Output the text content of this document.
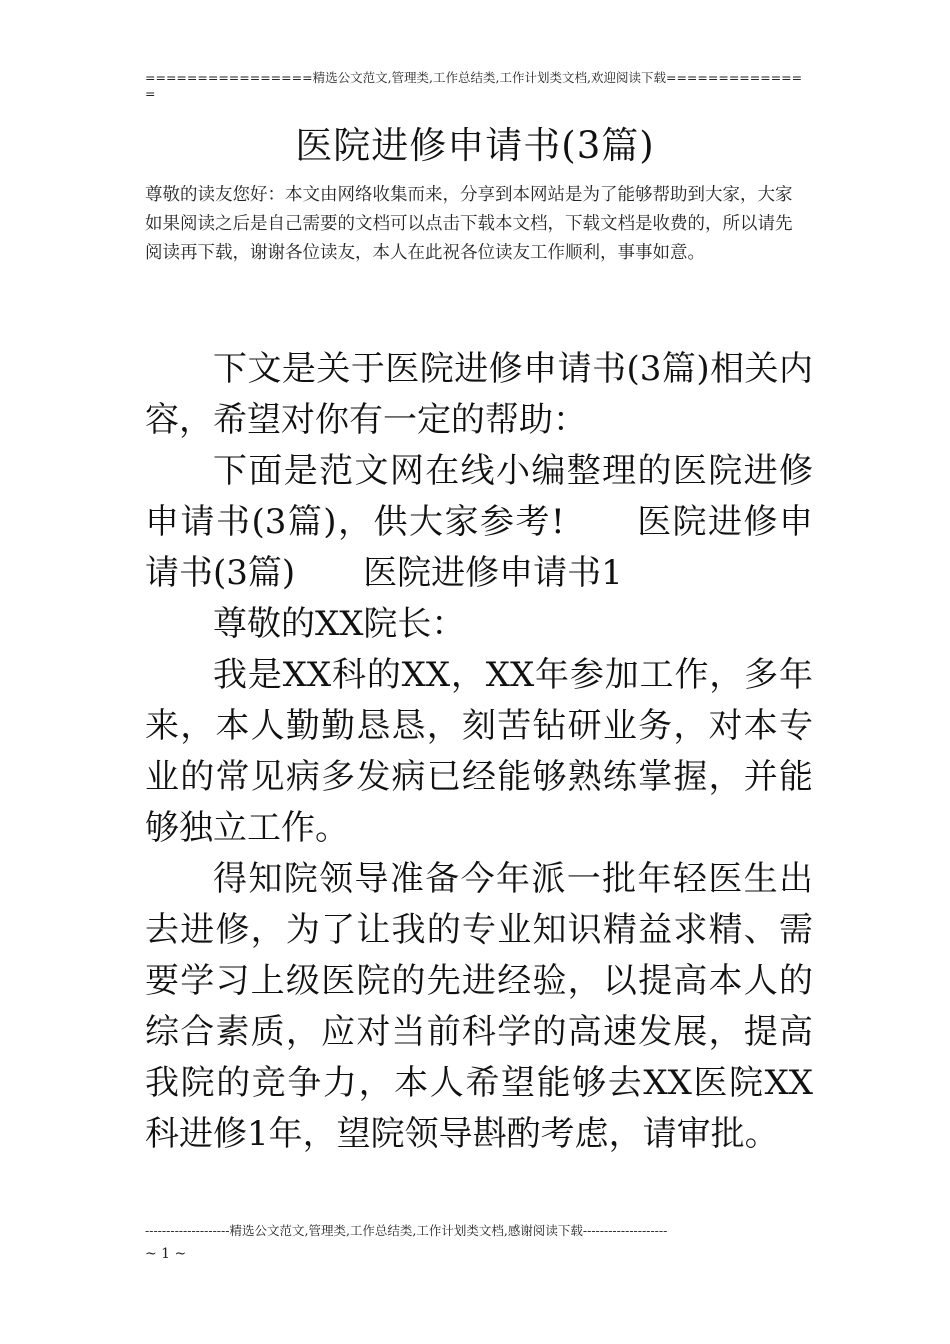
================精选公文范文,管理类,工作总结类,工作计划类文档,欢迎阅读下载=============
=
医院进修申请书(3篇)
尊敬的读友您好：本文由网络收集而来，分享到本网站是为了能够帮助到大家，大家如果阅读之后是自己需要的文档可以点击下载本文档，下载文档是收费的，所以请先阅读再下载，谢谢各位读友，本人在此祝各位读友工作顺利，事事如意。

下文是关于医院进修申请书(3篇)相关内容，希望对你有一定的帮助：

下面是范文网在线小编整理的医院进修申请书(3篇)，供大家参考!　　医院进修申请书(3篇)　　医院进修申请书1

尊敬的XX院长：

我是XX科的XX，XX年参加工作，多年来，本人勤勤恳恳，刻苦钻研业务，对本专业的常见病多发病已经能够熟练掌握，并能够独立工作。

得知院领导准备今年派一批年轻医生出去进修，为了让我的专业知识精益求精、需要学习上级医院的先进经验，以提高本人的综合素质，应对当前科学的高速发展，提高我院的竞争力，本人希望能够去XX医院XX科进修1年，望院领导斟酌考虑，请审批。

--------------------精选公文范文,管理类,工作总结类,工作计划类文档,感谢阅读下载--------------------
~ 1 ~
